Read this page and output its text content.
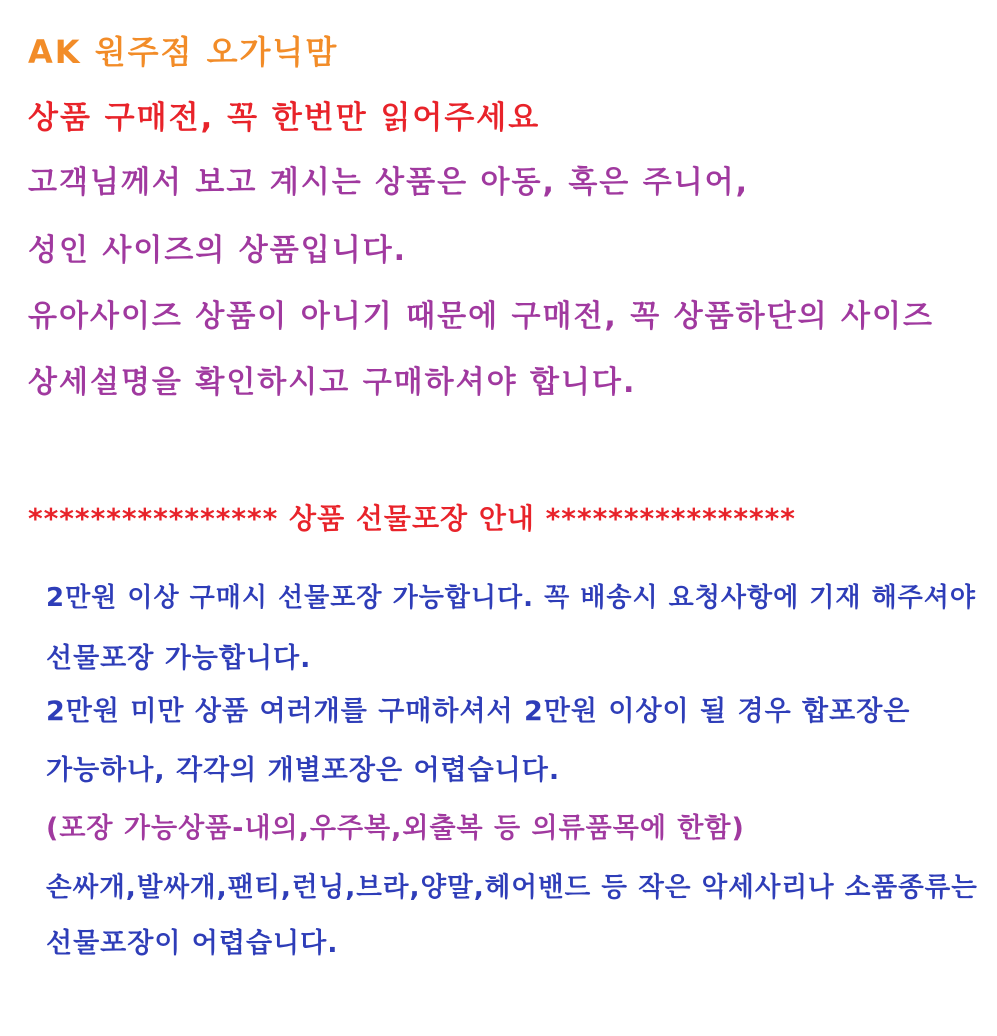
AK 원주점 오가닉맘
상품 구매전, 꼭 한번만 읽어주세요
고객님께서 보고 계시는 상품은 아동, 혹은 주니어,
성인 사이즈의 상품입니다.
유아사이즈 상품이 아니기 때문에 구매전, 꼭 상품하단의 사이즈
상세설명을 확인하시고 구매하셔야 합니다.
**************** 상품 선물포장 안내 ****************
2만원 이상 구매시 선물포장 가능합니다. 꼭 배송시 요청사항에 기재 해주셔야
선물포장 가능합니다.
2만원 미만 상품 여러개를 구매하셔서 2만원 이상이 될 경우 합포장은
가능하나, 각각의 개별포장은 어렵습니다.
(포장 가능상품-내의,우주복,외출복 등 의류품목에 한함)
손싸개,발싸개,팬티,런닝,브라,양말,헤어밴드 등 작은 악세사리나 소품종류는
선물포장이 어렵습니다.
